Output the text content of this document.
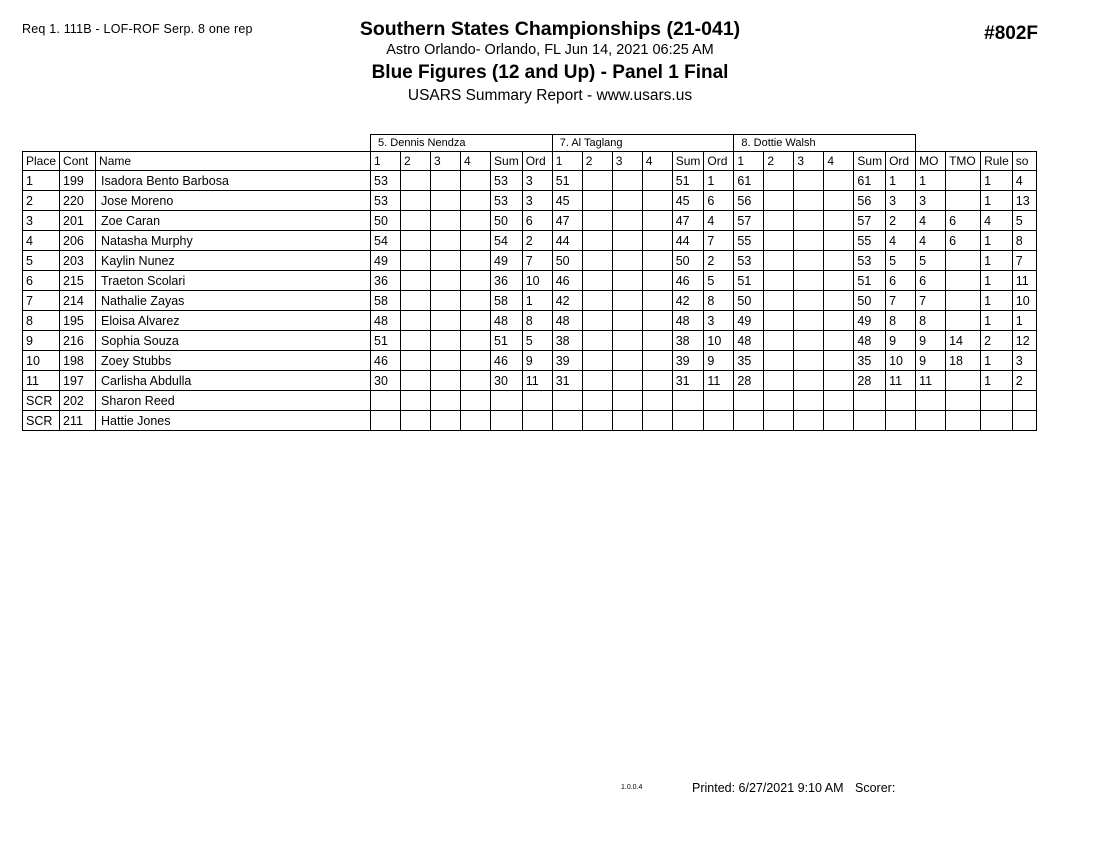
Req 1. 111B - LOF-ROF Serp. 8 one rep	#802F
Southern States Championships (21-041)
Astro Orlando- Orlando, FL Jun 14, 2021 06:25 AM
Blue Figures (12 and Up) - Panel 1 Final
USARS Summary Report - www.usars.us
			5. Dennis Nendza						7. Al Taglang						8. Dottie Walsh									
Place	Cont	Name	1	2	3	4	Sum	Ord	1	2	3	4	Sum	Ord	1	2	3	4	Sum	Ord	MO	TMO	Rule	so
1	199	Isadora Bento Barbosa	53				53	3	51				51	1	61				61	1	1		1	4
2	220	Jose Moreno	53				53	3	45				45	6	56				56	3	3		1	13
3	201	Zoe Caran	50				50	6	47				47	4	57				57	2	4	6	4	5
4	206	Natasha Murphy	54				54	2	44				44	7	55				55	4	4	6	1	8
5	203	Kaylin Nunez	49				49	7	50				50	2	53				53	5	5		1	7
6	215	Traeton Scolari	36				36	10	46				46	5	51				51	6	6		1	11
7	214	Nathalie Zayas	58				58	1	42				42	8	50				50	7	7		1	10
8	195	Eloisa Alvarez	48				48	8	48				48	3	49				49	8	8		1	1
9	216	Sophia Souza	51				51	5	38				38	10	48				48	9	9	14	2	12
10	198	Zoey Stubbs	46				46	9	39				39	9	35				35	10	9	18	1	3
11	197	Carlisha Abdulla	30				30	11	31				31	11	28				28	11	11		1	2
SCR	202	Sharon Reed																						
SCR	211	Hattie Jones																						
1.0.0.4	Printed: 6/27/2021 9:10 AM Scorer:
